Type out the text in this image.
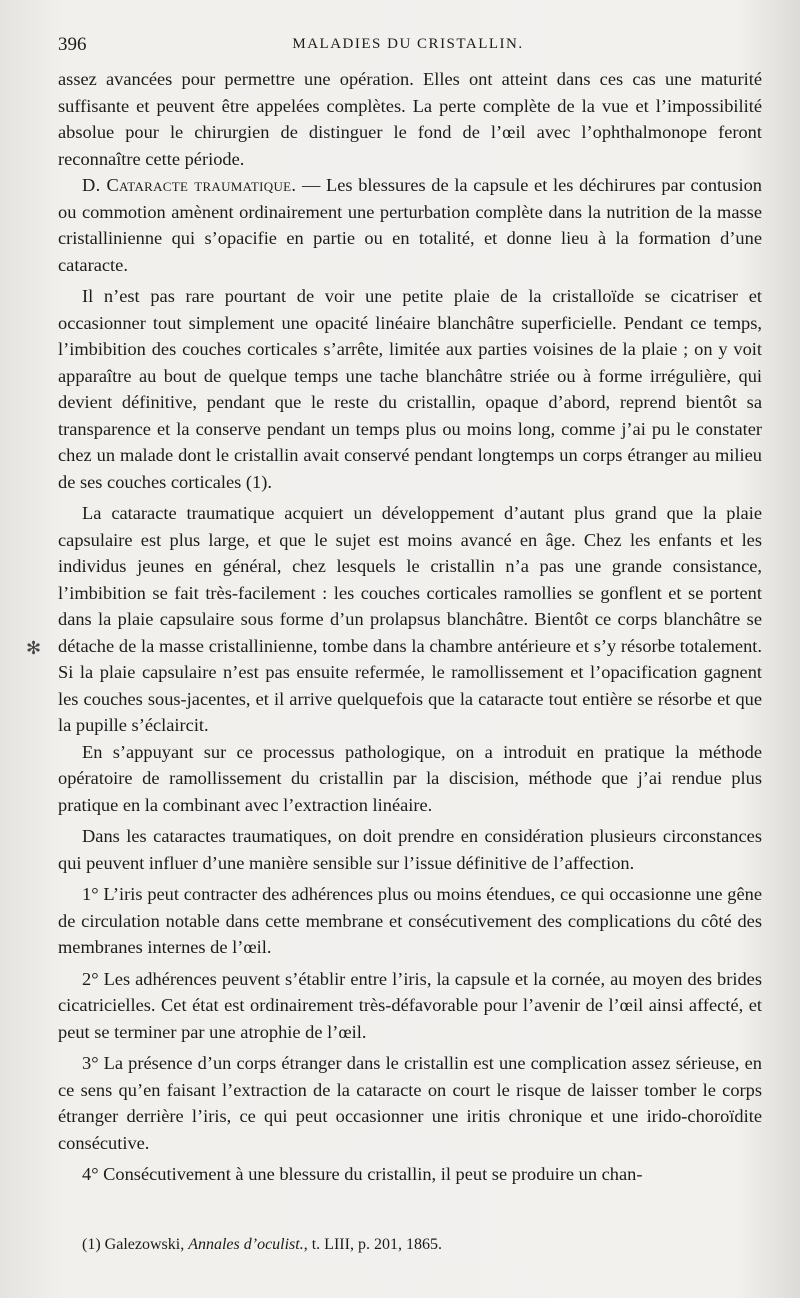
396	MALADIES DU CRISTALLIN.

assez avancées pour permettre une opération. Elles ont atteint dans ces cas une maturité suffisante et peuvent être appelées complètes. La perte complète de la vue et l’impossibilité absolue pour le chirurgien de distinguer le fond de l’œil avec l’ophthalmonope feront reconnaître cette période.

D. Cataracte traumatique. — Les blessures de la capsule et les déchirures par contusion ou commotion amènent ordinairement une perturbation complète dans la nutrition de la masse cristallinienne qui s’opacifie en partie ou en totalité, et donne lieu à la formation d’une cataracte.

Il n’est pas rare pourtant de voir une petite plaie de la cristalloïde se cicatriser et occasionner tout simplement une opacité linéaire blanchâtre superficielle. Pendant ce temps, l’imbibition des couches corticales s’arrête, limitée aux parties voisines de la plaie ; on y voit apparaître au bout de quelque temps une tache blanchâtre striée ou à forme irrégulière, qui devient définitive, pendant que le reste du cristallin, opaque d’abord, reprend bientôt sa transparence et la conserve pendant un temps plus ou moins long, comme j’ai pu le constater chez un malade dont le cristallin avait conservé pendant longtemps un corps étranger au milieu de ses couches corticales (1).

La cataracte traumatique acquiert un développement d’autant plus grand que la plaie capsulaire est plus large, et que le sujet est moins avancé en âge. Chez les enfants et les individus jeunes en général, chez lesquels le cristallin n’a pas une grande consistance, l’imbibition se fait très-facilement : les couches corticales ramollies se gonflent et se portent dans la plaie capsulaire sous forme d’un prolapsus blanchâtre. Bientôt ce corps blanchâtre se détache de la masse cristallinienne, tombe dans la chambre antérieure et s’y résorbe totalement. Si la plaie capsulaire n’est pas ensuite refermée, le ramollissement et l’opacification gagnent les couches sous-jacentes, et il arrive quelquefois que la cataracte tout entière se résorbe et que la pupille s’éclaircit.

En s’appuyant sur ce processus pathologique, on a introduit en pratique la méthode opératoire de ramollissement du cristallin par la discision, méthode que j’ai rendue plus pratique en la combinant avec l’extraction linéaire.

Dans les cataractes traumatiques, on doit prendre en considération plusieurs circonstances qui peuvent influer d’une manière sensible sur l’issue définitive de l’affection.

1° L’iris peut contracter des adhérences plus ou moins étendues, ce qui occasionne une gêne de circulation notable dans cette membrane et consécutivement des complications du côté des membranes internes de l’œil.

2° Les adhérences peuvent s’établir entre l’iris, la capsule et la cornée, au moyen des brides cicatricielles. Cet état est ordinairement très-défavorable pour l’avenir de l’œil ainsi affecté, et peut se terminer par une atrophie de l’œil.

3° La présence d’un corps étranger dans le cristallin est une complication assez sérieuse, en ce sens qu’en faisant l’extraction de la cataracte on court le risque de laisser tomber le corps étranger derrière l’iris, ce qui peut occasionner une iritis chronique et une irido-choroïdite consécutive.

4° Consécutivement à une blessure du cristallin, il peut se produire un chan-

✻
(1) Galezowski, Annales d’oculist., t. LIII, p. 201, 1865.
